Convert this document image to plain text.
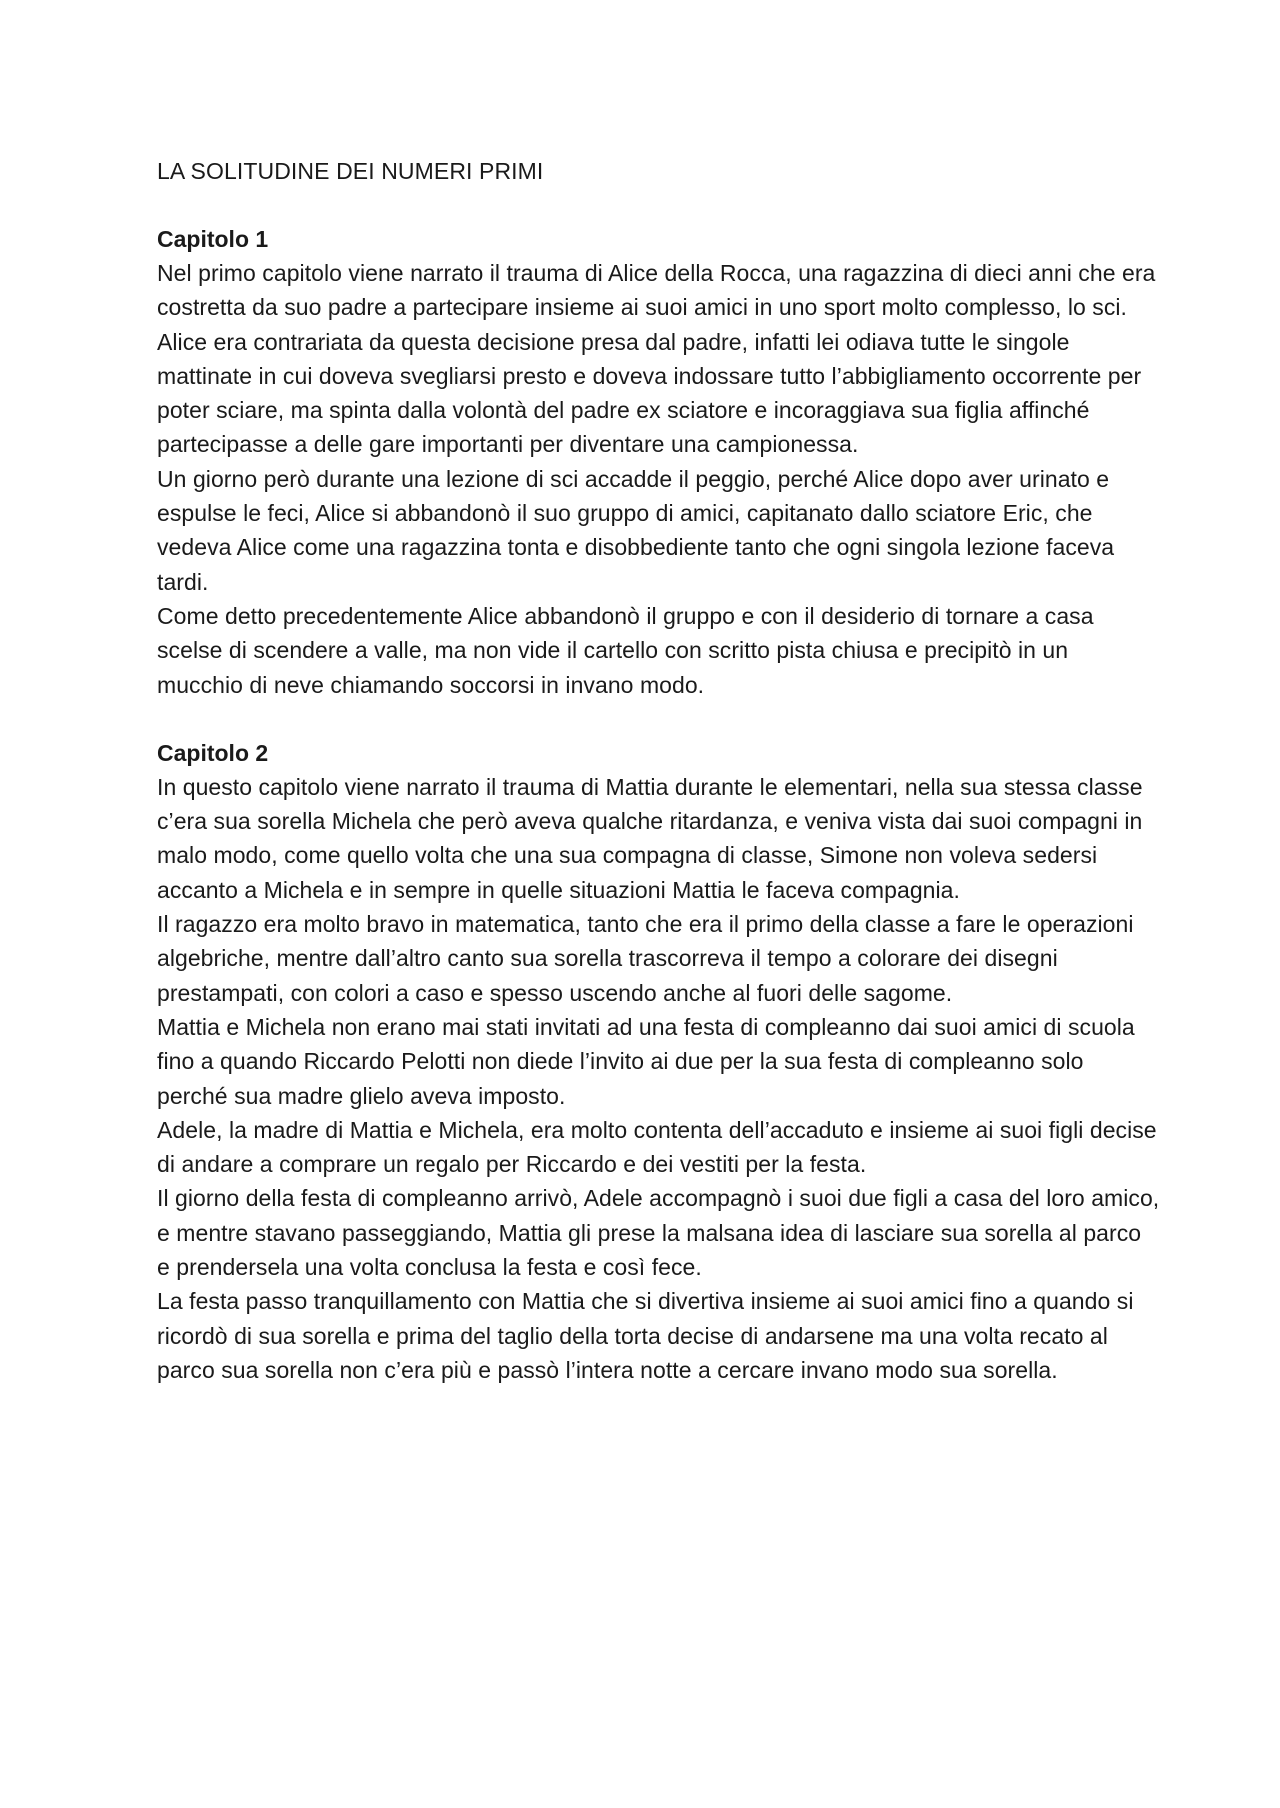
LA SOLITUDINE DEI NUMERI PRIMI
Capitolo 1

Nel primo capitolo viene narrato il trauma di Alice della Rocca, una ragazzina di dieci anni che era costretta da suo padre a partecipare insieme ai suoi amici in uno sport molto complesso, lo sci.

Alice era contrariata da questa decisione presa dal padre, infatti lei odiava tutte le singole mattinate in cui doveva svegliarsi presto e doveva indossare tutto l’abbigliamento occorrente per poter sciare, ma spinta dalla volontà del padre ex sciatore e incoraggiava sua figlia affinché partecipasse a delle gare importanti per diventare una campionessa.

Un giorno però durante una lezione di sci accadde il peggio, perché Alice dopo aver urinato e espulse le feci, Alice si abbandonò il suo gruppo di amici, capitanato dallo sciatore Eric, che vedeva Alice come una ragazzina tonta e disobbediente tanto che ogni singola lezione faceva tardi.

Come detto precedentemente Alice abbandonò il gruppo e con il desiderio di tornare a casa scelse di scendere a valle, ma non vide il cartello con scritto pista chiusa e precipitò in un mucchio di neve chiamando soccorsi in invano modo.

Capitolo 2

In questo capitolo viene narrato il trauma di Mattia durante le elementari, nella sua stessa classe c’era sua sorella Michela che però aveva qualche ritardanza, e veniva vista dai suoi compagni in malo modo, come quello volta che una sua compagna di classe, Simone non voleva sedersi accanto a Michela e in sempre in quelle situazioni Mattia le faceva compagnia.

Il ragazzo era molto bravo in matematica, tanto che era il primo della classe a fare le operazioni algebriche, mentre dall’altro canto sua sorella trascorreva il tempo a colorare dei disegni prestampati, con colori a caso e spesso uscendo anche al fuori delle sagome.

Mattia e Michela non erano mai stati invitati ad una festa di compleanno dai suoi amici di scuola fino a quando Riccardo Pelotti non diede l’invito ai due per la sua festa di compleanno solo perché sua madre glielo aveva imposto.

Adele, la madre di Mattia e Michela, era molto contenta dell’accaduto e insieme ai suoi figli decise di andare a comprare un regalo per Riccardo e dei vestiti per la festa.

Il giorno della festa di compleanno arrivò, Adele accompagnò i suoi due figli a casa del loro amico, e mentre stavano passeggiando, Mattia gli prese la malsana idea di lasciare sua sorella al parco e prendersela una volta conclusa la festa e così fece.

La festa passo tranquillamento con Mattia che si divertiva insieme ai suoi amici fino a quando si ricordò di sua sorella e prima del taglio della torta decise di andarsene ma una volta recato al parco sua sorella non c’era più e passò l’intera notte a cercare invano modo sua sorella.
